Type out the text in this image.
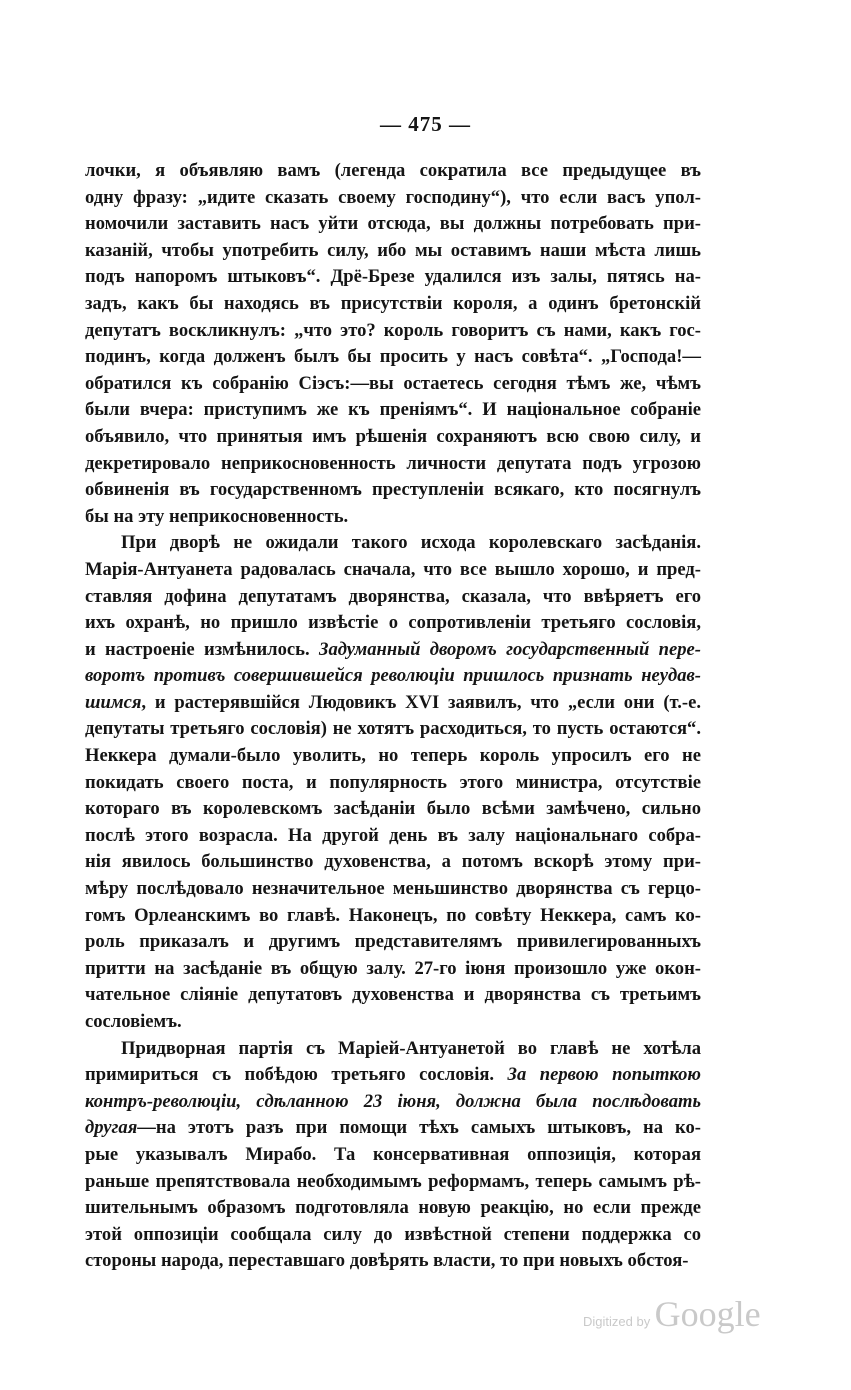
— 475 —
лочки, я объявляю вамъ (легенда сократила все предыдущее въ
одну фразу: „идите сказать своему господину“), что если васъ упол-
номочили заставить насъ уйти отсюда, вы должны потребовать при-
казаній, чтобы употребить силу, ибо мы оставимъ наши мѣста лишь
подъ напоромъ штыковъ“. Дрё-Брезе удалился изъ залы, пятясь на-
задъ, какъ бы находясь въ присутствіи короля, а одинъ бретонскій
депутатъ воскликнулъ: „что это? король говоритъ съ нами, какъ гос-
подинъ, когда долженъ былъ бы просить у насъ совѣта“. „Господа!—
обратился къ собранію Сіэсъ:—вы остаетесь сегодня тѣмъ же, чѣмъ
были вчера: приступимъ же къ преніямъ“. И національное собраніе
объявило, что принятыя имъ рѣшенія сохраняютъ всю свою силу, и
декретировало неприкосновенность личности депутата подъ угрозою
обвиненія въ государственномъ преступленіи всякаго, кто посягнулъ
бы на эту неприкосновенность.
При дворѣ не ожидали такого исхода королевскаго засѣданія.
Марія-Антуанета радовалась сначала, что все вышло хорошо, и пред-
ставляя дофина депутатамъ дворянства, сказала, что ввѣряетъ его
ихъ охранѣ, но пришло извѣстіе о сопротивленіи третьяго сословія,
и настроеніе измѣнилось. Задуманный дворомъ государственный пере-
воротъ противъ совершившейся революціи пришлось признать неудав-
шимся, и растерявшійся Людовикъ XVI заявилъ, что „если они (т.-е.
депутаты третьяго сословія) не хотятъ расходиться, то пусть остаются“.
Неккера думали-было уволить, но теперь король упросилъ его не
покидать своего поста, и популярность этого министра, отсутствіе
котораго въ королевскомъ засѣданіи было всѣми замѣчено, сильно
послѣ этого возрасла. На другой день въ залу національнаго собра-
нія явилось большинство духовенства, а потомъ вскорѣ этому при-
мѣру послѣдовало незначительное меньшинство дворянства съ герцо-
гомъ Орлеанскимъ во главѣ. Наконецъ, по совѣту Неккера, самъ ко-
роль приказалъ и другимъ представителямъ привилегированныхъ
притти на засѣданіе въ общую залу. 27-го іюня произошло уже окон-
чательное сліяніе депутатовъ духовенства и дворянства съ третьимъ
сословіемъ.
Придворная партія съ Маріей-Антуанетой во главѣ не хотѣла
примириться съ побѣдою третьяго сословія. За первою попыткою
контръ-революціи, сдѣланною 23 іюня, должна была послѣдовать
другая—на этотъ разъ при помощи тѣхъ самыхъ штыковъ, на ко-
рые указывалъ Мирабо. Та консервативная оппозиція, которая
раньше препятствовала необходимымъ реформамъ, теперь самымъ рѣ-
шительнымъ образомъ подготовляла новую реакцію, но если прежде
этой оппозиціи сообщала силу до извѣстной степени поддержка со
стороны народа, переставшаго довѣрять власти, то при новыхъ обстоя-
Digitized by Google
